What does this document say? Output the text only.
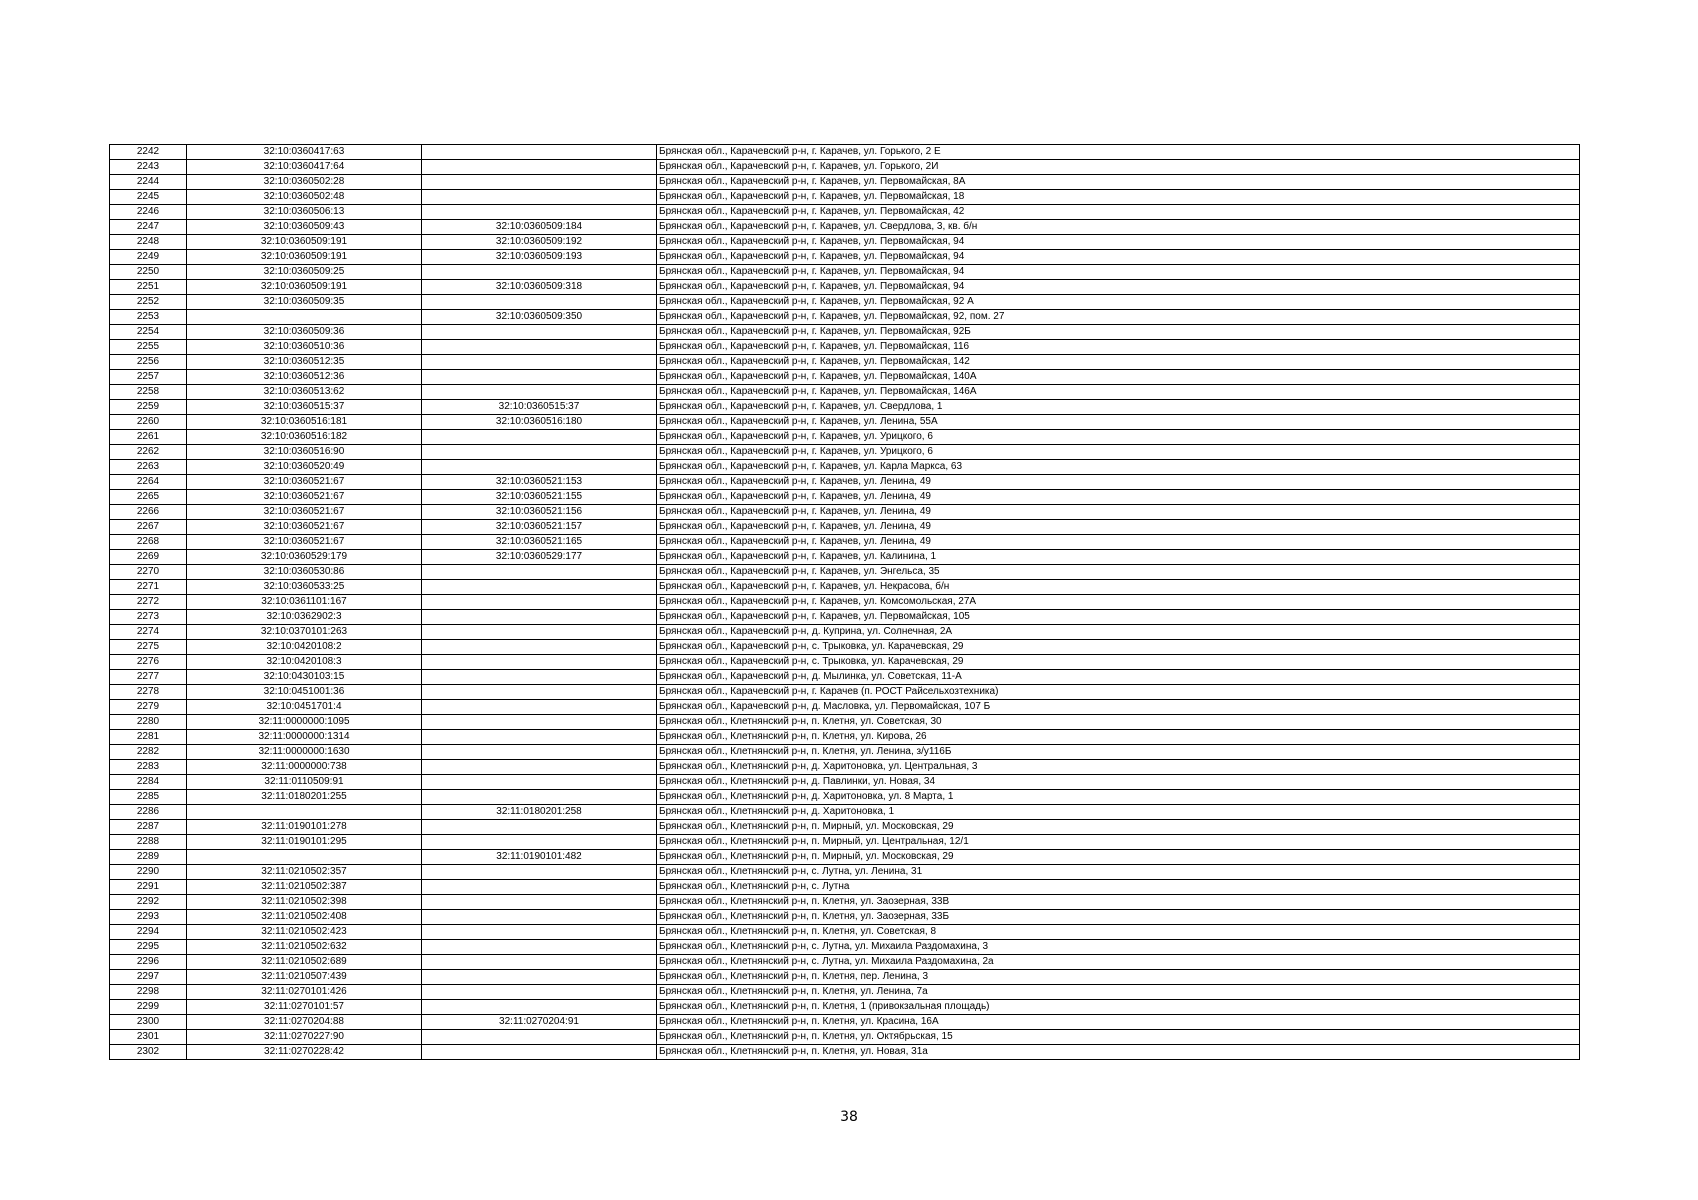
2242	32:10:0360417:63		Брянская обл., Карачевский р-н, г. Карачев, ул. Горького, 2 Е
2243	32:10:0360417:64		Брянская обл., Карачевский р-н, г. Карачев, ул. Горького, 2И
2244	32:10:0360502:28		Брянская обл., Карачевский р-н, г. Карачев, ул. Первомайская, 8А
2245	32:10:0360502:48		Брянская обл., Карачевский р-н, г. Карачев, ул. Первомайская, 18
2246	32:10:0360506:13		Брянская обл., Карачевский р-н, г. Карачев, ул. Первомайская, 42
2247	32:10:0360509:43	32:10:0360509:184	Брянская обл., Карачевский р-н, г. Карачев, ул. Свердлова, 3, кв. б/н
2248	32:10:0360509:191	32:10:0360509:192	Брянская обл., Карачевский р-н, г. Карачев, ул. Первомайская, 94
2249	32:10:0360509:191	32:10:0360509:193	Брянская обл., Карачевский р-н, г. Карачев, ул. Первомайская, 94
2250	32:10:0360509:25		Брянская обл., Карачевский р-н, г. Карачев, ул. Первомайская, 94
2251	32:10:0360509:191	32:10:0360509:318	Брянская обл., Карачевский р-н, г. Карачев, ул. Первомайская, 94
2252	32:10:0360509:35		Брянская обл., Карачевский р-н, г. Карачев, ул. Первомайская, 92 А
2253		32:10:0360509:350	Брянская обл., Карачевский р-н, г. Карачев, ул. Первомайская, 92, пом. 27
2254	32:10:0360509:36		Брянская обл., Карачевский р-н, г. Карачев, ул. Первомайская, 92Б
2255	32:10:0360510:36		Брянская обл., Карачевский р-н, г. Карачев, ул. Первомайская, 116
2256	32:10:0360512:35		Брянская обл., Карачевский р-н, г. Карачев, ул. Первомайская, 142
2257	32:10:0360512:36		Брянская обл., Карачевский р-н, г. Карачев, ул. Первомайская, 140А
2258	32:10:0360513:62		Брянская обл., Карачевский р-н, г. Карачев, ул. Первомайская, 146А
2259	32:10:0360515:37	32:10:0360515:37	Брянская обл., Карачевский р-н, г. Карачев, ул. Свердлова, 1
2260	32:10:0360516:181	32:10:0360516:180	Брянская обл., Карачевский р-н, г. Карачев, ул. Ленина, 55А
2261	32:10:0360516:182		Брянская обл., Карачевский р-н, г. Карачев, ул. Урицкого, 6
2262	32:10:0360516:90		Брянская обл., Карачевский р-н, г. Карачев, ул. Урицкого, 6
2263	32:10:0360520:49		Брянская обл., Карачевский р-н, г. Карачев, ул. Карла Маркса, 63
2264	32:10:0360521:67	32:10:0360521:153	Брянская обл., Карачевский р-н, г. Карачев, ул. Ленина, 49
2265	32:10:0360521:67	32:10:0360521:155	Брянская обл., Карачевский р-н, г. Карачев, ул. Ленина, 49
2266	32:10:0360521:67	32:10:0360521:156	Брянская обл., Карачевский р-н, г. Карачев, ул. Ленина, 49
2267	32:10:0360521:67	32:10:0360521:157	Брянская обл., Карачевский р-н, г. Карачев, ул. Ленина, 49
2268	32:10:0360521:67	32:10:0360521:165	Брянская обл., Карачевский р-н, г. Карачев, ул. Ленина, 49
2269	32:10:0360529:179	32:10:0360529:177	Брянская обл., Карачевский р-н, г. Карачев, ул. Калинина, 1
2270	32:10:0360530:86		Брянская обл., Карачевский р-н, г. Карачев, ул. Энгельса, 35
2271	32:10:0360533:25		Брянская обл., Карачевский р-н, г. Карачев, ул. Некрасова, б/н
2272	32:10:0361101:167		Брянская обл., Карачевский р-н, г. Карачев, ул. Комсомольская, 27А
2273	32:10:0362902:3		Брянская обл., Карачевский р-н, г. Карачев, ул. Первомайская, 105
2274	32:10:0370101:263		Брянская обл., Карачевский р-н, д. Куприна, ул. Солнечная, 2А
2275	32:10:0420108:2		Брянская обл., Карачевский р-н, с. Трыковка, ул. Карачевская, 29
2276	32:10:0420108:3		Брянская обл., Карачевский р-н, с. Трыковка, ул. Карачевская, 29
2277	32:10:0430103:15		Брянская обл., Карачевский р-н, д. Мылинка, ул. Советская, 11-А
2278	32:10:0451001:36		Брянская обл., Карачевский р-н, г. Карачев (п. РОСТ Райсельхозтехника)
2279	32:10:0451701:4		Брянская обл., Карачевский р-н, д. Масловка, ул. Первомайская, 107 Б
2280	32:11:0000000:1095		Брянская обл., Клетнянский р-н, п. Клетня, ул. Советская, 30
2281	32:11:0000000:1314		Брянская обл., Клетнянский р-н, п. Клетня, ул. Кирова, 26
2282	32:11:0000000:1630		Брянская обл., Клетнянский р-н, п. Клетня, ул. Ленина, з/у116Б
2283	32:11:0000000:738		Брянская обл., Клетнянский р-н, д. Харитоновка, ул. Центральная, 3
2284	32:11:0110509:91		Брянская обл., Клетнянский р-н, д. Павлинки, ул. Новая, 34
2285	32:11:0180201:255		Брянская обл., Клетнянский р-н, д. Харитоновка, ул. 8 Марта, 1
2286		32:11:0180201:258	Брянская обл., Клетнянский р-н, д. Харитоновка, 1
2287	32:11:0190101:278		Брянская обл., Клетнянский р-н, п. Мирный, ул. Московская, 29
2288	32:11:0190101:295		Брянская обл., Клетнянский р-н, п. Мирный, ул. Центральная, 12/1
2289		32:11:0190101:482	Брянская обл., Клетнянский р-н, п. Мирный, ул. Московская, 29
2290	32:11:0210502:357		Брянская обл., Клетнянский р-н, с. Лутна, ул. Ленина, 31
2291	32:11:0210502:387		Брянская обл., Клетнянский р-н, с. Лутна
2292	32:11:0210502:398		Брянская обл., Клетнянский р-н, п. Клетня, ул. Заозерная, 33В
2293	32:11:0210502:408		Брянская обл., Клетнянский р-н, п. Клетня, ул. Заозерная, 33Б
2294	32:11:0210502:423		Брянская обл., Клетнянский р-н, п. Клетня, ул. Советская, 8
2295	32:11:0210502:632		Брянская обл., Клетнянский р-н, с. Лутна, ул. Михаила Раздомахина, 3
2296	32:11:0210502:689		Брянская обл., Клетнянский р-н, с. Лутна, ул. Михаила Раздомахина, 2а
2297	32:11:0210507:439		Брянская обл., Клетнянский р-н, п. Клетня, пер. Ленина, 3
2298	32:11:0270101:426		Брянская обл., Клетнянский р-н, п. Клетня, ул. Ленина, 7а
2299	32:11:0270101:57		Брянская обл., Клетнянский р-н, п. Клетня, 1 (привокзальная площадь)
2300	32:11:0270204:88	32:11:0270204:91	Брянская обл., Клетнянский р-н, п. Клетня, ул. Красина, 16А
2301	32:11:0270227:90		Брянская обл., Клетнянский р-н, п. Клетня, ул. Октябрьская, 15
2302	32:11:0270228:42		Брянская обл., Клетнянский р-н, п. Клетня, ул. Новая, 31а
38
